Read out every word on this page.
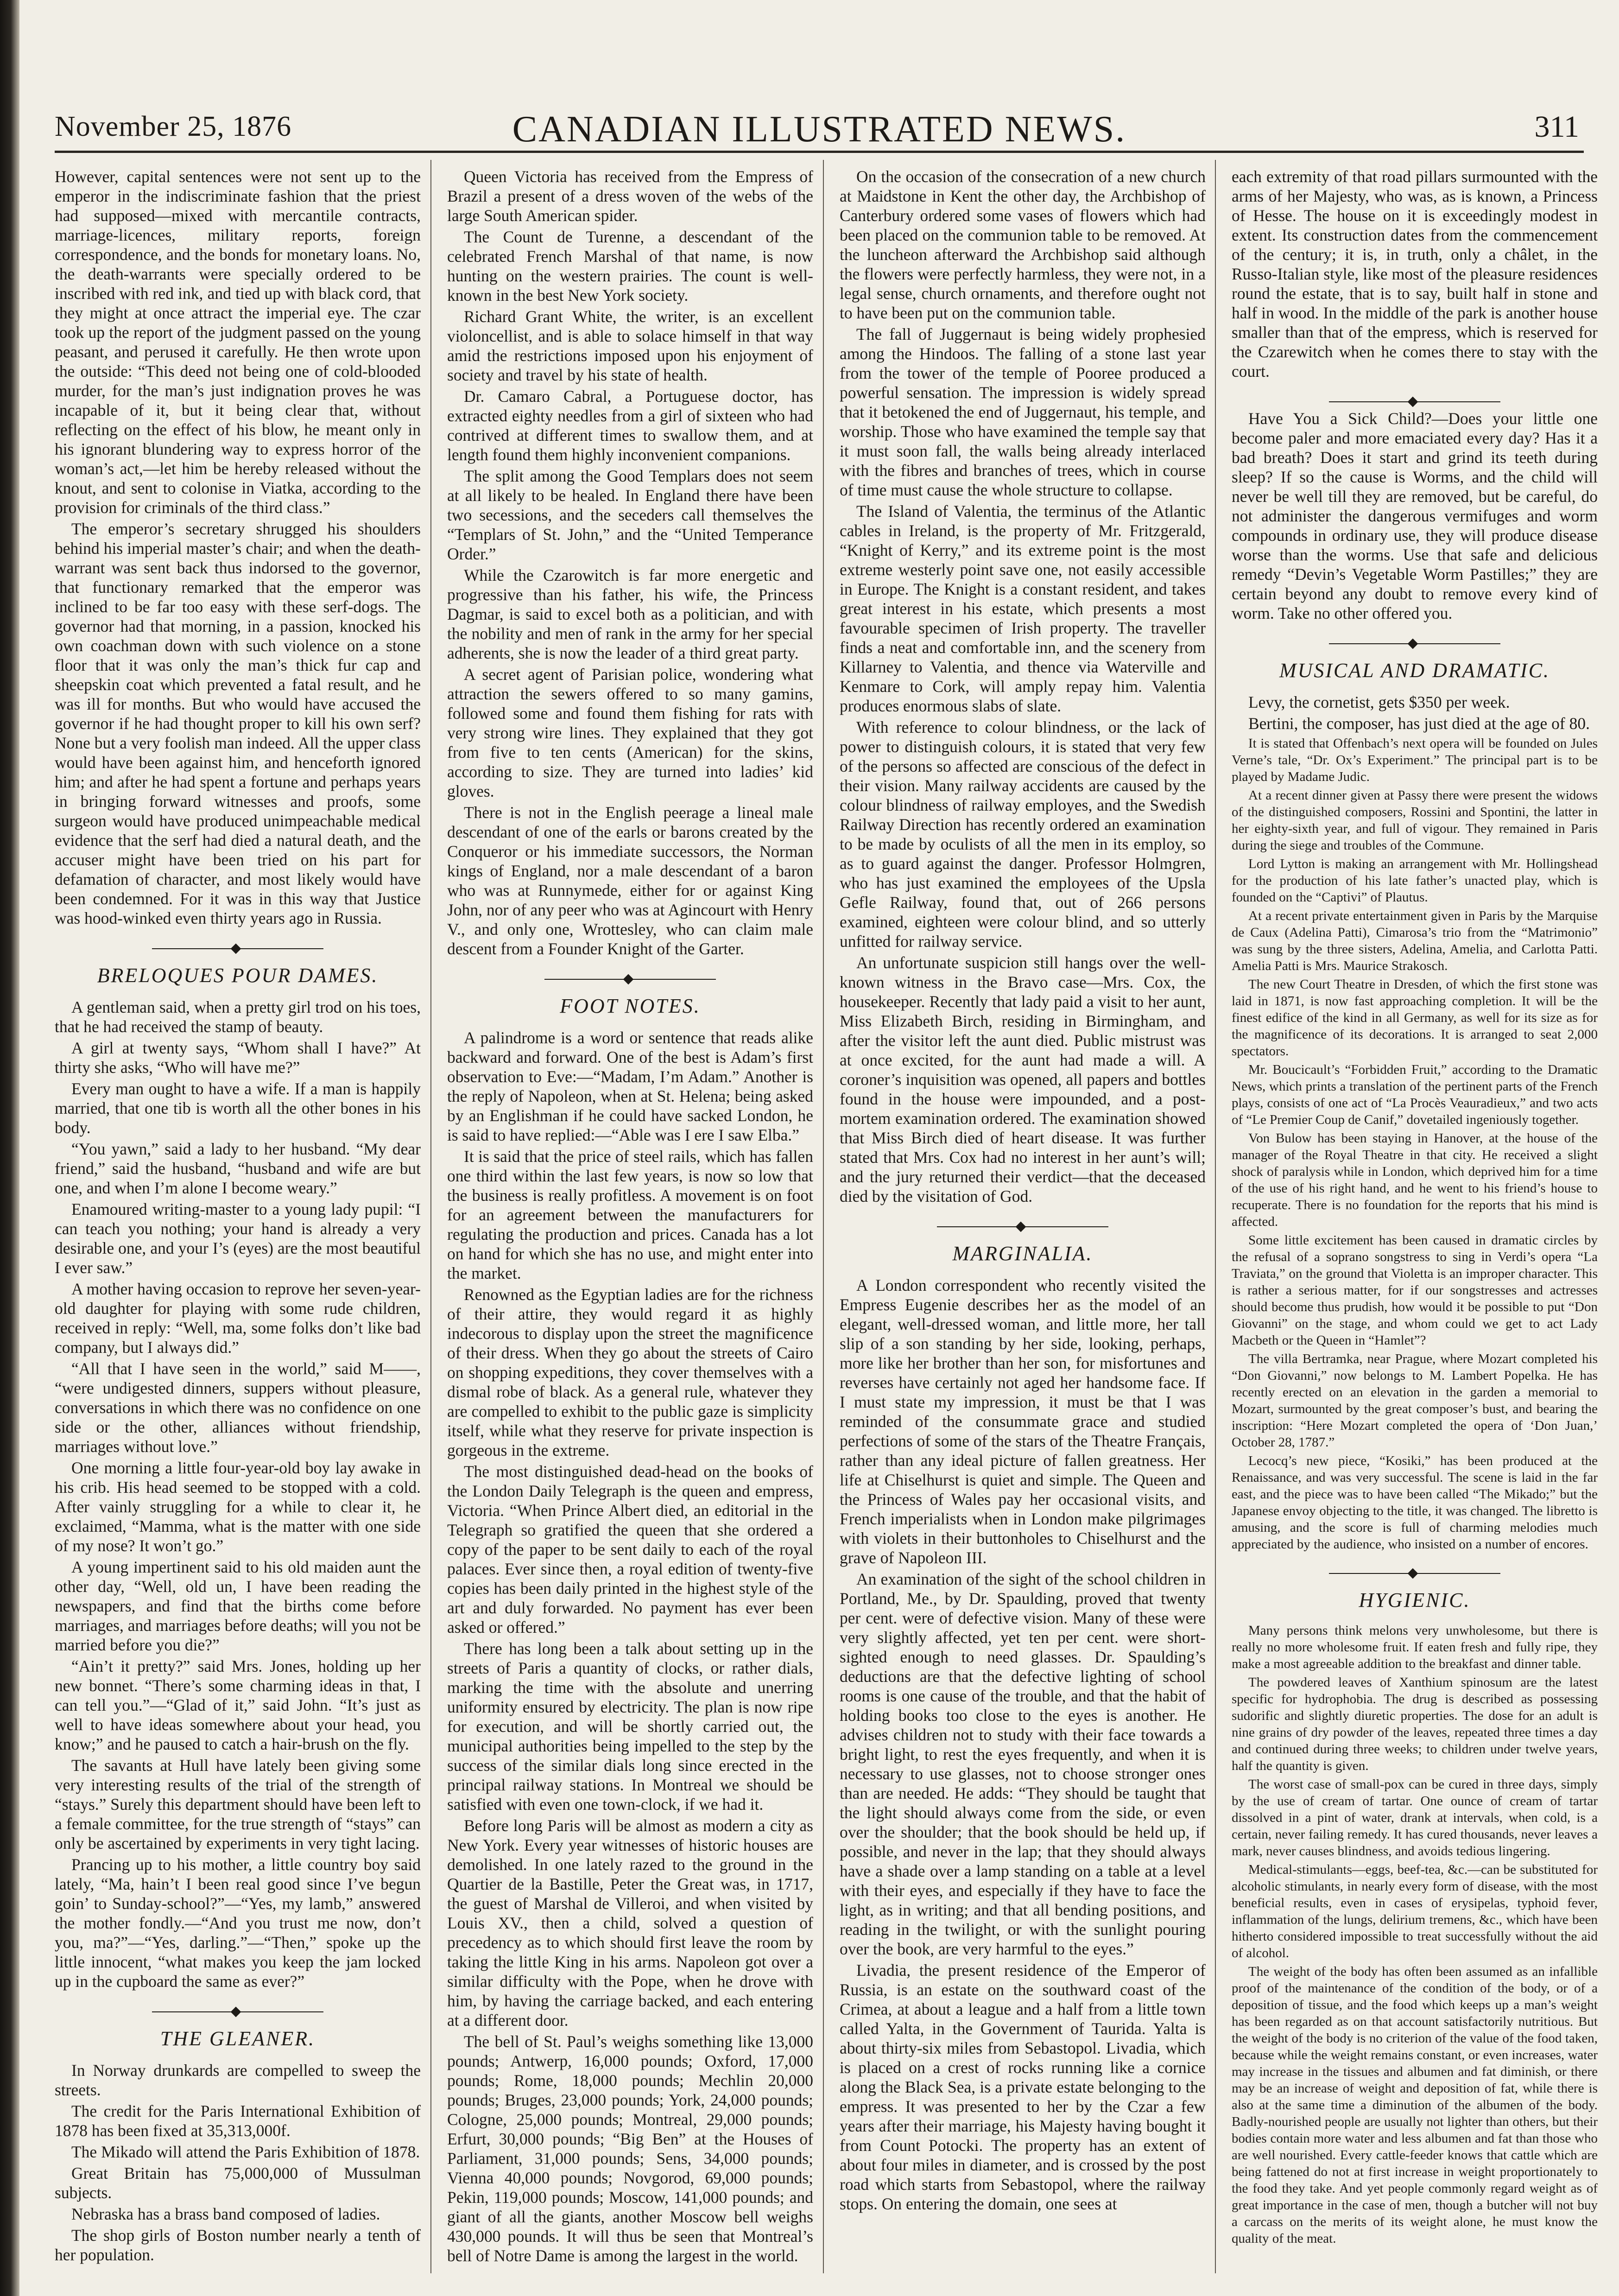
November 25, 1876	CANADIAN ILLUSTRATED NEWS.	311

However, capital sentences were not sent up to the emperor in the indiscriminate fashion that the priest had supposed—mixed with mercantile contracts, marriage-licences, military reports, foreign correspondence, and the bonds for monetary loans. No, the death-warrants were specially ordered to be inscribed with red ink, and tied up with black cord, that they might at once attract the imperial eye. The czar took up the report of the judgment passed on the young peasant, and perused it carefully. He then wrote upon the outside: “This deed not being one of cold-blooded murder, for the man’s just indignation proves he was incapable of it, but it being clear that, without reflecting on the effect of his blow, he meant only in his ignorant blundering way to express horror of the woman’s act,—let him be hereby released without the knout, and sent to colonise in Viatka, according to the provision for criminals of the third class.”

The emperor’s secretary shrugged his shoulders behind his imperial master’s chair; and when the death-warrant was sent back thus indorsed to the governor, that functionary remarked that the emperor was inclined to be far too easy with these serf-dogs. The governor had that morning, in a passion, knocked his own coachman down with such violence on a stone floor that it was only the man’s thick fur cap and sheepskin coat which prevented a fatal result, and he was ill for months. But who would have accused the governor if he had thought proper to kill his own serf? None but a very foolish man indeed. All the upper class would have been against him, and henceforth ignored him; and after he had spent a fortune and perhaps years in bringing forward witnesses and proofs, some surgeon would have produced unimpeachable medical evidence that the serf had died a natural death, and the accuser might have been tried on his part for defamation of character, and most likely would have been condemned. For it was in this way that Justice was hood-winked even thirty years ago in Russia.

BRELOQUES POUR DAMES.

A gentleman said, when a pretty girl trod on his toes, that he had received the stamp of beauty.

A girl at twenty says, “Whom shall I have?” At thirty she asks, “Who will have me?”

Every man ought to have a wife. If a man is happily married, that one tib is worth all the other bones in his body.

“You yawn,” said a lady to her husband. “My dear friend,” said the husband, “husband and wife are but one, and when I’m alone I become weary.”

Enamoured writing-master to a young lady pupil: “I can teach you nothing; your hand is already a very desirable one, and your I’s (eyes) are the most beautiful I ever saw.”

A mother having occasion to reprove her seven-year-old daughter for playing with some rude children, received in reply: “Well, ma, some folks don’t like bad company, but I always did.”

“All that I have seen in the world,” said M——, “were undigested dinners, suppers without pleasure, conversations in which there was no confidence on one side or the other, alliances without friendship, marriages without love.”

One morning a little four-year-old boy lay awake in his crib. His head seemed to be stopped with a cold. After vainly struggling for a while to clear it, he exclaimed, “Mamma, what is the matter with one side of my nose? It won’t go.”

A young impertinent said to his old maiden aunt the other day, “Well, old un, I have been reading the newspapers, and find that the births come before marriages, and marriages before deaths; will you not be married before you die?”

“Ain’t it pretty?” said Mrs. Jones, holding up her new bonnet. “There’s some charming ideas in that, I can tell you.”—“Glad of it,” said John. “It’s just as well to have ideas somewhere about your head, you know;” and he paused to catch a hair-brush on the fly.

The savants at Hull have lately been giving some very interesting results of the trial of the strength of “stays.” Surely this department should have been left to a female committee, for the true strength of “stays” can only be ascertained by experiments in very tight lacing.

Prancing up to his mother, a little country boy said lately, “Ma, hain’t I been real good since I’ve begun goin’ to Sunday-school?”—“Yes, my lamb,” answered the mother fondly.—“And you trust me now, don’t you, ma?”—“Yes, darling.”—“Then,” spoke up the little innocent, “what makes you keep the jam locked up in the cupboard the same as ever?”

THE GLEANER.

In Norway drunkards are compelled to sweep the streets.

The credit for the Paris International Exhibition of 1878 has been fixed at 35,313,000f.

The Mikado will attend the Paris Exhibition of 1878.

Great Britain has 75,000,000 of Mussulman subjects.

Nebraska has a brass band composed of ladies.

The shop girls of Boston number nearly a tenth of her population.

Queen Victoria has received from the Empress of Brazil a present of a dress woven of the webs of the large South American spider.

The Count de Turenne, a descendant of the celebrated French Marshal of that name, is now hunting on the western prairies. The count is well-known in the best New York society.

Richard Grant White, the writer, is an excellent violoncellist, and is able to solace himself in that way amid the restrictions imposed upon his enjoyment of society and travel by his state of health.

Dr. Camaro Cabral, a Portuguese doctor, has extracted eighty needles from a girl of sixteen who had contrived at different times to swallow them, and at length found them highly inconvenient companions.

The split among the Good Templars does not seem at all likely to be healed. In England there have been two secessions, and the seceders call themselves the “Templars of St. John,” and the “United Temperance Order.”

While the Czarowitch is far more energetic and progressive than his father, his wife, the Princess Dagmar, is said to excel both as a politician, and with the nobility and men of rank in the army for her special adherents, she is now the leader of a third great party.

A secret agent of Parisian police, wondering what attraction the sewers offered to so many gamins, followed some and found them fishing for rats with very strong wire lines. They explained that they got from five to ten cents (American) for the skins, according to size. They are turned into ladies’ kid gloves.

There is not in the English peerage a lineal male descendant of one of the earls or barons created by the Conqueror or his immediate successors, the Norman kings of England, nor a male descendant of a baron who was at Runnymede, either for or against King John, nor of any peer who was at Agincourt with Henry V., and only one, Wrottesley, who can claim male descent from a Founder Knight of the Garter.

FOOT NOTES.

A palindrome is a word or sentence that reads alike backward and forward. One of the best is Adam’s first observation to Eve:—“Madam, I’m Adam.” Another is the reply of Napoleon, when at St. Helena; being asked by an Englishman if he could have sacked London, he is said to have replied:—“Able was I ere I saw Elba.”

It is said that the price of steel rails, which has fallen one third within the last few years, is now so low that the business is really profitless. A movement is on foot for an agreement between the manufacturers for regulating the production and prices. Canada has a lot on hand for which she has no use, and might enter into the market.

Renowned as the Egyptian ladies are for the richness of their attire, they would regard it as highly indecorous to display upon the street the magnificence of their dress. When they go about the streets of Cairo on shopping expeditions, they cover themselves with a dismal robe of black. As a general rule, whatever they are compelled to exhibit to the public gaze is simplicity itself, while what they reserve for private inspection is gorgeous in the extreme.

The most distinguished dead-head on the books of the London Daily Telegraph is the queen and empress, Victoria. “When Prince Albert died, an editorial in the Telegraph so gratified the queen that she ordered a copy of the paper to be sent daily to each of the royal palaces. Ever since then, a royal edition of twenty-five copies has been daily printed in the highest style of the art and duly forwarded. No payment has ever been asked or offered.”

There has long been a talk about setting up in the streets of Paris a quantity of clocks, or rather dials, marking the time with the absolute and unerring uniformity ensured by electricity. The plan is now ripe for execution, and will be shortly carried out, the municipal authorities being impelled to the step by the success of the similar dials long since erected in the principal railway stations. In Montreal we should be satisfied with even one town-clock, if we had it.

Before long Paris will be almost as modern a city as New York. Every year witnesses of historic houses are demolished. In one lately razed to the ground in the Quartier de la Bastille, Peter the Great was, in 1717, the guest of Marshal de Villeroi, and when visited by Louis XV., then a child, solved a question of precedency as to which should first leave the room by taking the little King in his arms. Napoleon got over a similar difficulty with the Pope, when he drove with him, by having the carriage backed, and each entering at a different door.

The bell of St. Paul’s weighs something like 13,000 pounds; Antwerp, 16,000 pounds; Oxford, 17,000 pounds; Rome, 18,000 pounds; Mechlin 20,000 pounds; Bruges, 23,000 pounds; York, 24,000 pounds; Cologne, 25,000 pounds; Montreal, 29,000 pounds; Erfurt, 30,000 pounds; “Big Ben” at the Houses of Parliament, 31,000 pounds; Sens, 34,000 pounds; Vienna 40,000 pounds; Novgorod, 69,000 pounds; Pekin, 119,000 pounds; Moscow, 141,000 pounds; and giant of all the giants, another Moscow bell weighs 430,000 pounds. It will thus be seen that Montreal’s bell of Notre Dame is among the largest in the world.

On the occasion of the consecration of a new church at Maidstone in Kent the other day, the Archbishop of Canterbury ordered some vases of flowers which had been placed on the communion table to be removed. At the luncheon afterward the Archbishop said although the flowers were perfectly harmless, they were not, in a legal sense, church ornaments, and therefore ought not to have been put on the communion table.

The fall of Juggernaut is being widely prophesied among the Hindoos. The falling of a stone last year from the tower of the temple of Pooree produced a powerful sensation. The impression is widely spread that it betokened the end of Juggernaut, his temple, and worship. Those who have examined the temple say that it must soon fall, the walls being already interlaced with the fibres and branches of trees, which in course of time must cause the whole structure to collapse.

The Island of Valentia, the terminus of the Atlantic cables in Ireland, is the property of Mr. Fritzgerald, “Knight of Kerry,” and its extreme point is the most extreme westerly point save one, not easily accessible in Europe. The Knight is a constant resident, and takes great interest in his estate, which presents a most favourable specimen of Irish property. The traveller finds a neat and comfortable inn, and the scenery from Killarney to Valentia, and thence via Waterville and Kenmare to Cork, will amply repay him. Valentia produces enormous slabs of slate.

With reference to colour blindness, or the lack of power to distinguish colours, it is stated that very few of the persons so affected are conscious of the defect in their vision. Many railway accidents are caused by the colour blindness of railway employes, and the Swedish Railway Direction has recently ordered an examination to be made by oculists of all the men in its employ, so as to guard against the danger. Professor Holmgren, who has just examined the employees of the Upsla Gefle Railway, found that, out of 266 persons examined, eighteen were colour blind, and so utterly unfitted for railway service.

An unfortunate suspicion still hangs over the well-known witness in the Bravo case—Mrs. Cox, the housekeeper. Recently that lady paid a visit to her aunt, Miss Elizabeth Birch, residing in Birmingham, and after the visitor left the aunt died. Public mistrust was at once excited, for the aunt had made a will. A coroner’s inquisition was opened, all papers and bottles found in the house were impounded, and a post-mortem examination ordered. The examination showed that Miss Birch died of heart disease. It was further stated that Mrs. Cox had no interest in her aunt’s will; and the jury returned their verdict—that the deceased died by the visitation of God.

MARGINALIA.

A London correspondent who recently visited the Empress Eugenie describes her as the model of an elegant, well-dressed woman, and little more, her tall slip of a son standing by her side, looking, perhaps, more like her brother than her son, for misfortunes and reverses have certainly not aged her handsome face. If I must state my impression, it must be that I was reminded of the consummate grace and studied perfections of some of the stars of the Theatre Français, rather than any ideal picture of fallen greatness. Her life at Chiselhurst is quiet and simple. The Queen and the Princess of Wales pay her occasional visits, and French imperialists when in London make pilgrimages with violets in their buttonholes to Chiselhurst and the grave of Napoleon III.

An examination of the sight of the school children in Portland, Me., by Dr. Spaulding, proved that twenty per cent. were of defective vision. Many of these were very slightly affected, yet ten per cent. were short-sighted enough to need glasses. Dr. Spaulding’s deductions are that the defective lighting of school rooms is one cause of the trouble, and that the habit of holding books too close to the eyes is another. He advises children not to study with their face towards a bright light, to rest the eyes frequently, and when it is necessary to use glasses, not to choose stronger ones than are needed. He adds: “They should be taught that the light should always come from the side, or even over the shoulder; that the book should be held up, if possible, and never in the lap; that they should always have a shade over a lamp standing on a table at a level with their eyes, and especially if they have to face the light, as in writing; and that all bending positions, and reading in the twilight, or with the sunlight pouring over the book, are very harmful to the eyes.”

Livadia, the present residence of the Emperor of Russia, is an estate on the southward coast of the Crimea, at about a league and a half from a little town called Yalta, in the Government of Taurida. Yalta is about thirty-six miles from Sebastopol. Livadia, which is placed on a crest of rocks running like a cornice along the Black Sea, is a private estate belonging to the empress. It was presented to her by the Czar a few years after their marriage, his Majesty having bought it from Count Potocki. The property has an extent of about four miles in diameter, and is crossed by the post road which starts from Sebastopol, where the railway stops. On entering the domain, one sees at

each extremity of that road pillars surmounted with the arms of her Majesty, who was, as is known, a Princess of Hesse. The house on it is exceedingly modest in extent. Its construction dates from the commencement of the century; it is, in truth, only a châlet, in the Russo-Italian style, like most of the pleasure residences round the estate, that is to say, built half in stone and half in wood. In the middle of the park is another house smaller than that of the empress, which is reserved for the Czarewitch when he comes there to stay with the court.

Have You a Sick Child?—Does your little one become paler and more emaciated every day? Has it a bad breath? Does it start and grind its teeth during sleep? If so the cause is Worms, and the child will never be well till they are removed, but be careful, do not administer the dangerous vermifuges and worm compounds in ordinary use, they will produce disease worse than the worms. Use that safe and delicious remedy “Devin’s Vegetable Worm Pastilles;” they are certain beyond any doubt to remove every kind of worm. Take no other offered you.

MUSICAL AND DRAMATIC.

Levy, the cornetist, gets $350 per week.

Bertini, the composer, has just died at the age of 80.

It is stated that Offenbach’s next opera will be founded on Jules Verne’s tale, “Dr. Ox’s Experiment.” The principal part is to be played by Madame Judic.

At a recent dinner given at Passy there were present the widows of the distinguished composers, Rossini and Spontini, the latter in her eighty-sixth year, and full of vigour. They remained in Paris during the siege and troubles of the Commune.

Lord Lytton is making an arrangement with Mr. Hollingshead for the production of his late father’s unacted play, which is founded on the “Captivi” of Plautus.

At a recent private entertainment given in Paris by the Marquise de Caux (Adelina Patti), Cimarosa’s trio from the “Matrimonio” was sung by the three sisters, Adelina, Amelia, and Carlotta Patti. Amelia Patti is Mrs. Maurice Strakosch.

The new Court Theatre in Dresden, of which the first stone was laid in 1871, is now fast approaching completion. It will be the finest edifice of the kind in all Germany, as well for its size as for the magnificence of its decorations. It is arranged to seat 2,000 spectators.

Mr. Boucicault’s “Forbidden Fruit,” according to the Dramatic News, which prints a translation of the pertinent parts of the French plays, consists of one act of “La Procès Veauradieux,” and two acts of “Le Premier Coup de Canif,” dovetailed ingeniously together.

Von Bulow has been staying in Hanover, at the house of the manager of the Royal Theatre in that city. He received a slight shock of paralysis while in London, which deprived him for a time of the use of his right hand, and he went to his friend’s house to recuperate. There is no foundation for the reports that his mind is affected.

Some little excitement has been caused in dramatic circles by the refusal of a soprano songstress to sing in Verdi’s opera “La Traviata,” on the ground that Violetta is an improper character. This is rather a serious matter, for if our songstresses and actresses should become thus prudish, how would it be possible to put “Don Giovanni” on the stage, and whom could we get to act Lady Macbeth or the Queen in “Hamlet”?

The villa Bertramka, near Prague, where Mozart completed his “Don Giovanni,” now belongs to M. Lambert Popelka. He has recently erected on an elevation in the garden a memorial to Mozart, surmounted by the great composer’s bust, and bearing the inscription: “Here Mozart completed the opera of ‘Don Juan,’ October 28, 1787.”

Lecocq’s new piece, “Kosiki,” has been produced at the Renaissance, and was very successful. The scene is laid in the far east, and the piece was to have been called “The Mikado;” but the Japanese envoy objecting to the title, it was changed. The libretto is amusing, and the score is full of charming melodies much appreciated by the audience, who insisted on a number of encores.

HYGIENIC.

Many persons think melons very unwholesome, but there is really no more wholesome fruit. If eaten fresh and fully ripe, they make a most agreeable addition to the breakfast and dinner table.

The powdered leaves of Xanthium spinosum are the latest specific for hydrophobia. The drug is described as possessing sudorific and slightly diuretic properties. The dose for an adult is nine grains of dry powder of the leaves, repeated three times a day and continued during three weeks; to children under twelve years, half the quantity is given.

The worst case of small-pox can be cured in three days, simply by the use of cream of tartar. One ounce of cream of tartar dissolved in a pint of water, drank at intervals, when cold, is a certain, never failing remedy. It has cured thousands, never leaves a mark, never causes blindness, and avoids tedious lingering.

Medical-stimulants—eggs, beef-tea, &c.—can be substituted for alcoholic stimulants, in nearly every form of disease, with the most beneficial results, even in cases of erysipelas, typhoid fever, inflammation of the lungs, delirium tremens, &c., which have been hitherto considered impossible to treat successfully without the aid of alcohol.

The weight of the body has often been assumed as an infallible proof of the maintenance of the condition of the body, or of a deposition of tissue, and the food which keeps up a man’s weight has been regarded as on that account satisfactorily nutritious. But the weight of the body is no criterion of the value of the food taken, because while the weight remains constant, or even increases, water may increase in the tissues and albumen and fat diminish, or there may be an increase of weight and deposition of fat, while there is also at the same time a diminution of the albumen of the body. Badly-nourished people are usually not lighter than others, but their bodies contain more water and less albumen and fat than those who are well nourished. Every cattle-feeder knows that cattle which are being fattened do not at first increase in weight proportionately to the food they take. And yet people commonly regard weight as of great importance in the case of men, though a butcher will not buy a carcass on the merits of its weight alone, he must know the quality of the meat.
